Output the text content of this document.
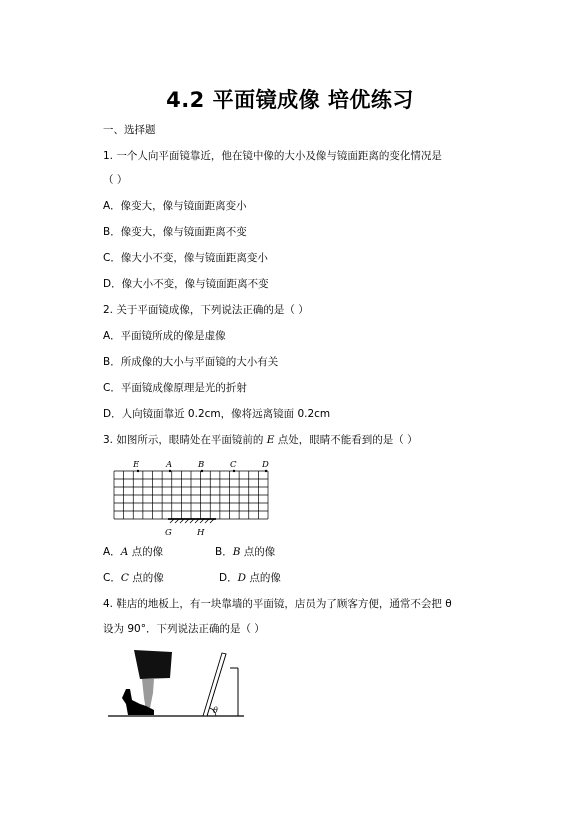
4.2 平面镜成像 培优练习
一、选择题
1. 一个人向平面镜靠近，他在镜中像的大小及像与镜面距离的变化情况是
（ ）
A．像变大，像与镜面距离变小
B．像变大，像与镜面距离不变
C．像大小不变，像与镜面距离变小
D．像大小不变，像与镜面距离不变
2. 关于平面镜成像，下列说法正确的是（ ）
A．平面镜所成的像是虚像
B．所成像的大小与平面镜的大小有关
C．平面镜成像原理是光的折射
D．人向镜面靠近 0.2cm，像将远离镜面 0.2cm
3. 如图所示，眼睛处在平面镜前的 E 点处，眼睛不能看到的是（ ）
E	A	B	C	D
G	H
A．A 点的像	B．B 点的像
C．C 点的像	D．D 点的像
4. 鞋店的地板上，有一块靠墙的平面镜，店员为了顾客方便，通常不会把 θ
设为 90°．下列说法正确的是（ ）
θ
